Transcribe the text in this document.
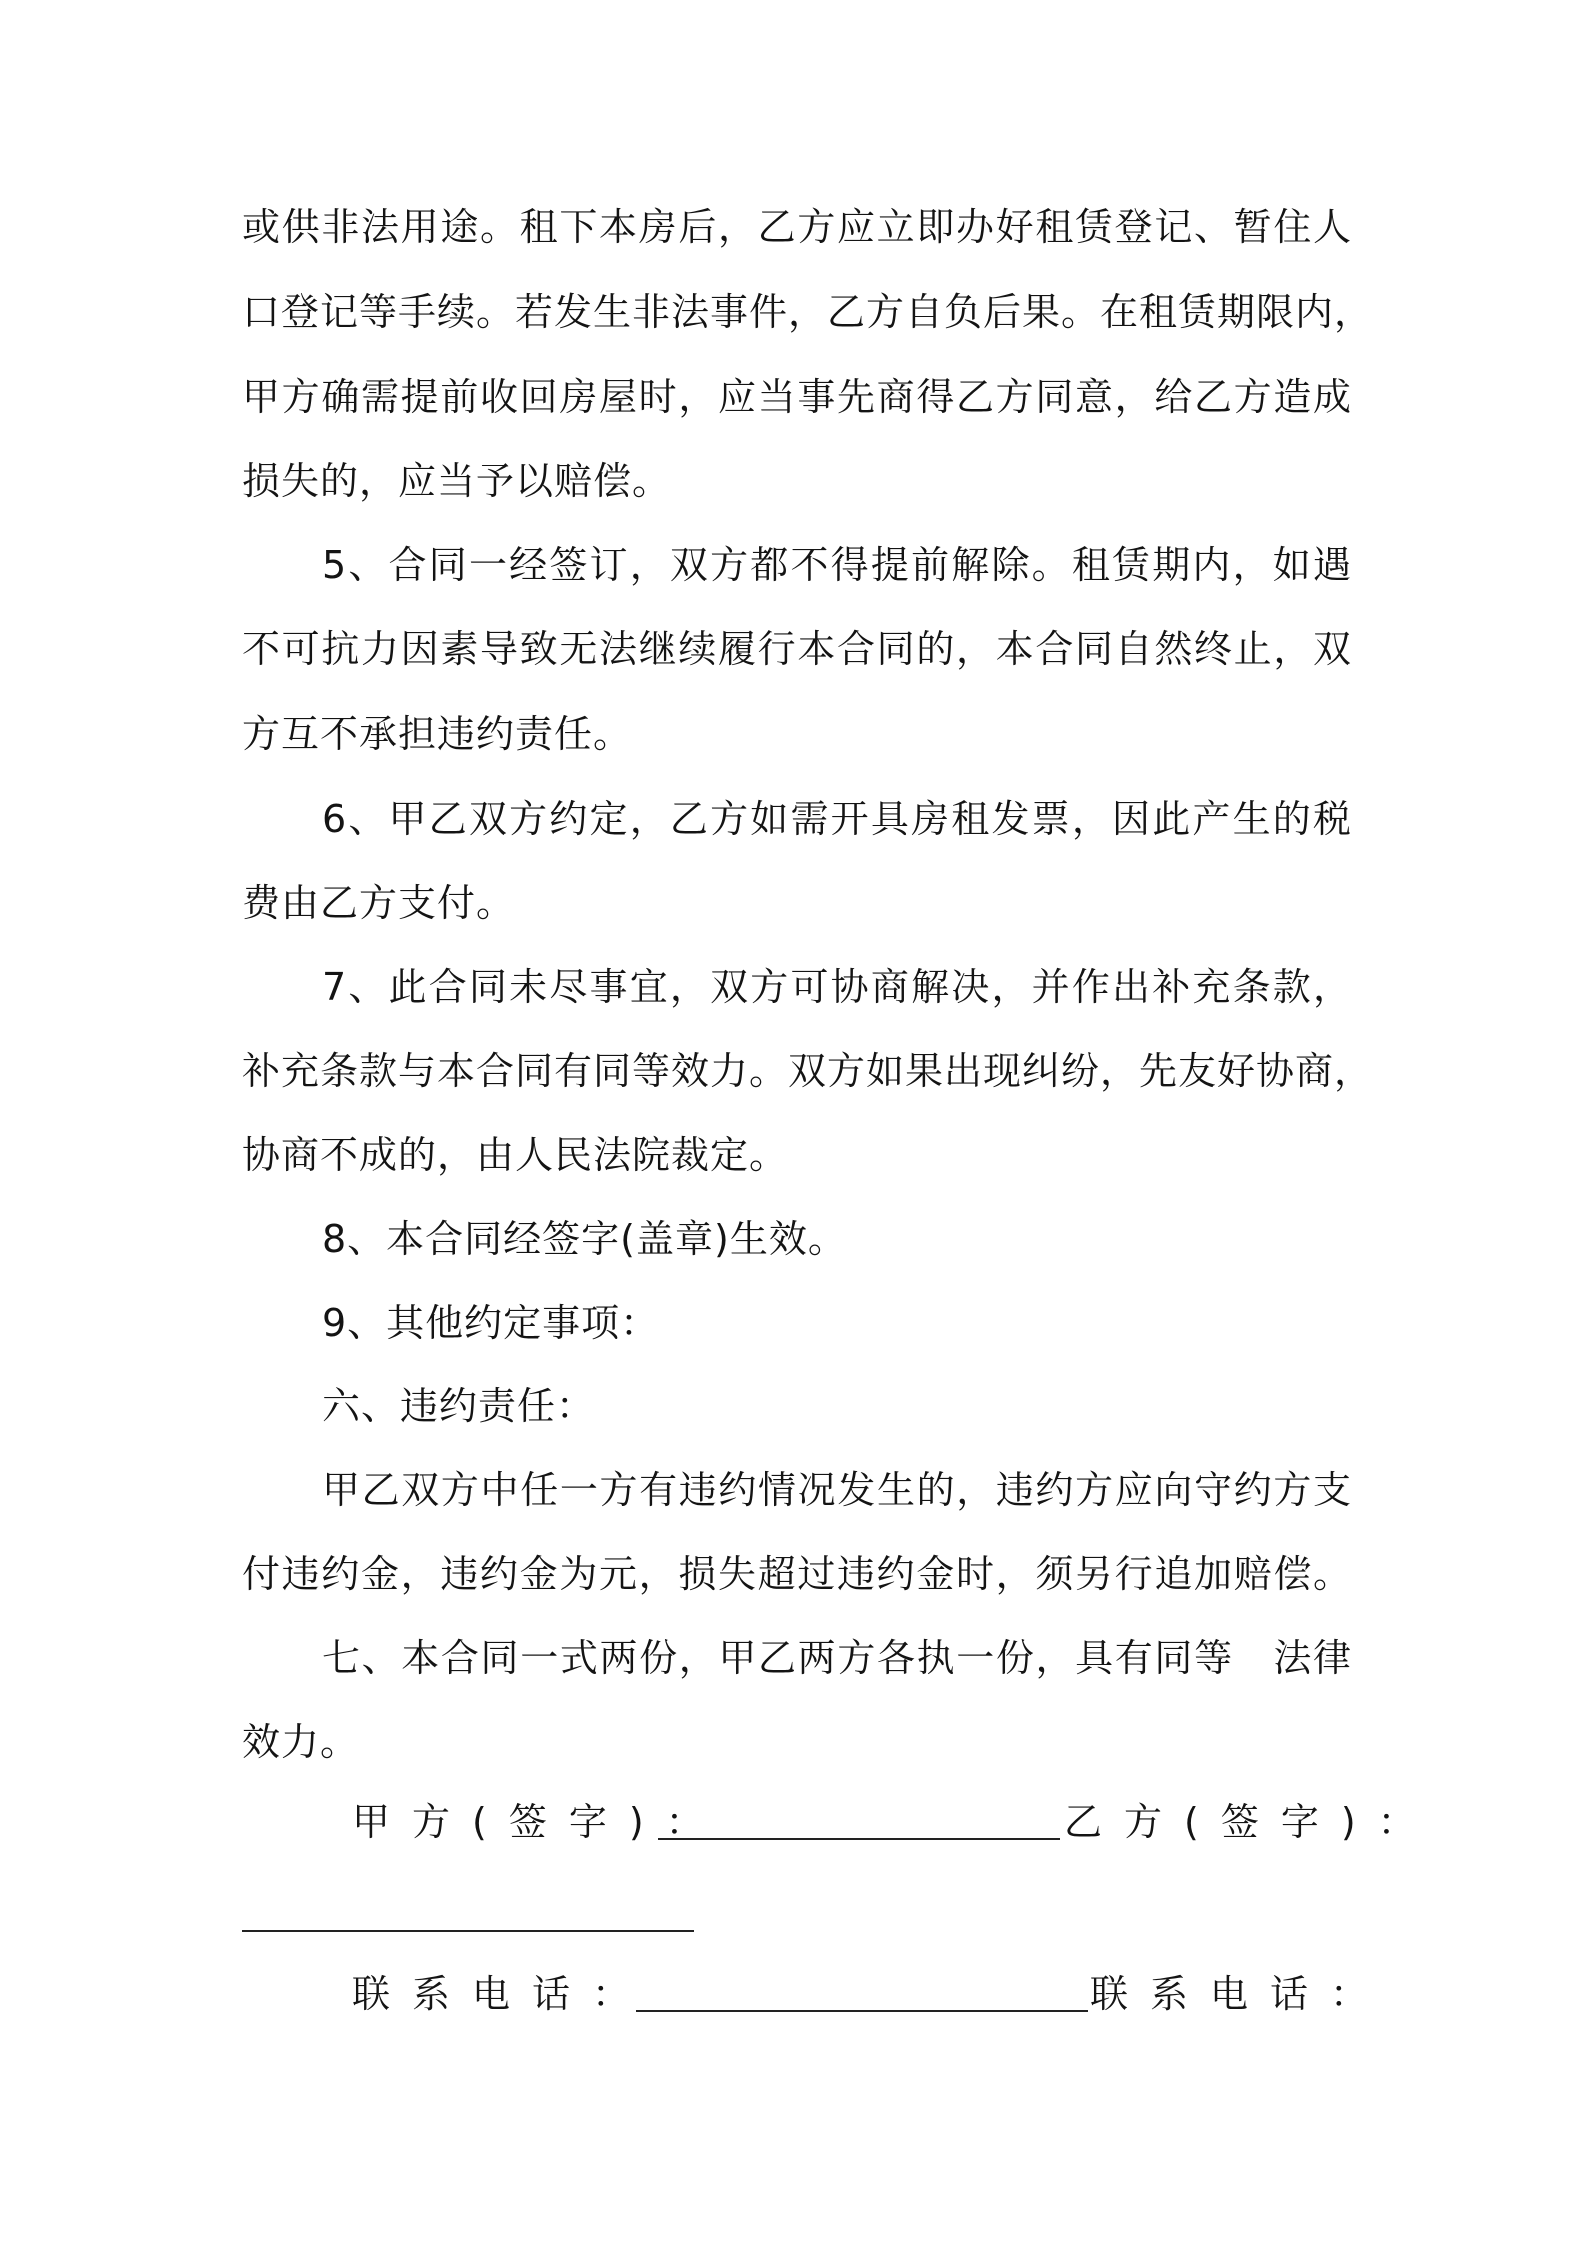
或供非法用途。租下本房后，乙方应立即办好租赁登记、暂住人
口登记等手续。若发生非法事件，乙方自负后果。在租赁期限内，
甲方确需提前收回房屋时，应当事先商得乙方同意，给乙方造成
损失的，应当予以赔偿。
5、合同一经签订，双方都不得提前解除。租赁期内，如遇
不可抗力因素导致无法继续履行本合同的，本合同自然终止，双
方互不承担违约责任。
6、甲乙双方约定，乙方如需开具房租发票，因此产生的税
费由乙方支付。
7、此合同未尽事宜，双方可协商解决，并作出补充条款，
补充条款与本合同有同等效力。双方如果出现纠纷，先友好协商，
协商不成的，由人民法院裁定。
8、本合同经签字(盖章)生效。
9、其他约定事项：
六、违约责任：
甲乙双方中任一方有违约情况发生的，违约方应向守约方支
付违约金，违约金为元，损失超过违约金时，须另行追加赔偿。
七、本合同一式两份，甲乙两方各执一份，具有同等　法律
效力。
甲方(签字)：	乙方(签字)：
联系电话：	联系电话：
